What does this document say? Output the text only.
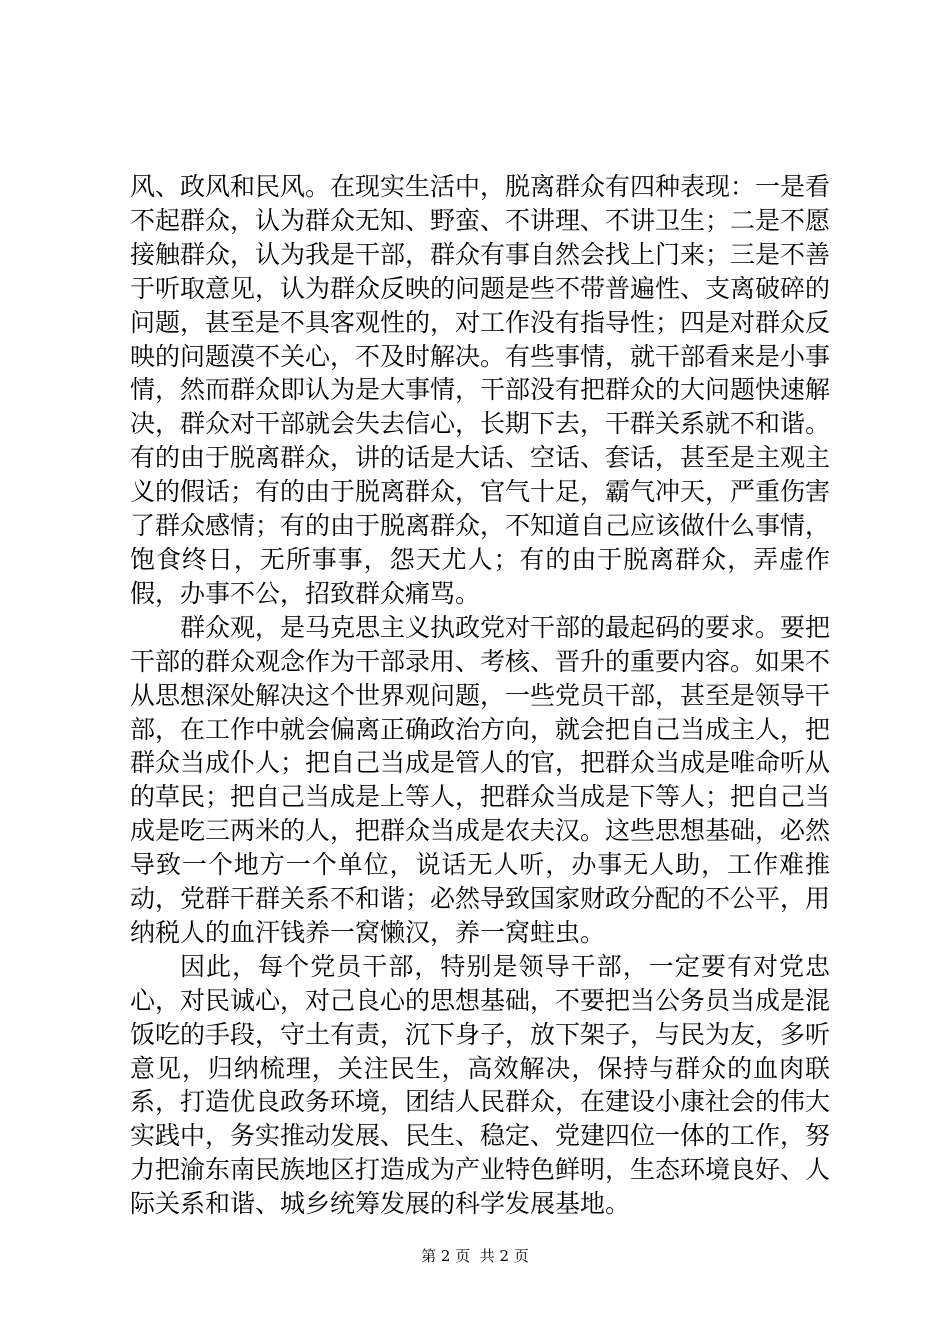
风、政风和民风。在现实生活中，脱离群众有四种表现：一是看不起群众，认为群众无知、野蛮、不讲理、不讲卫生；二是不愿接触群众，认为我是干部，群众有事自然会找上门来；三是不善于听取意见，认为群众反映的问题是些不带普遍性、支离破碎的问题，甚至是不具客观性的，对工作没有指导性；四是对群众反映的问题漠不关心，不及时解决。有些事情，就干部看来是小事情，然而群众即认为是大事情，干部没有把群众的大问题快速解决，群众对干部就会失去信心，长期下去，干群关系就不和谐。有的由于脱离群众，讲的话是大话、空话、套话，甚至是主观主义的假话；有的由于脱离群众，官气十足，霸气冲天，严重伤害了群众感情；有的由于脱离群众，不知道自己应该做什么事情，饱食终日，无所事事，怨天尤人；有的由于脱离群众，弄虚作假，办事不公，招致群众痛骂。

群众观，是马克思主义执政党对干部的最起码的要求。要把干部的群众观念作为干部录用、考核、晋升的重要内容。如果不从思想深处解决这个世界观问题，一些党员干部，甚至是领导干部，在工作中就会偏离正确政治方向，就会把自己当成主人，把群众当成仆人；把自己当成是管人的官，把群众当成是唯命听从的草民；把自己当成是上等人，把群众当成是下等人；把自己当成是吃三两米的人，把群众当成是农夫汉。这些思想基础，必然导致一个地方一个单位，说话无人听，办事无人助，工作难推动，党群干群关系不和谐；必然导致国家财政分配的不公平，用纳税人的血汗钱养一窝懒汉，养一窝蛀虫。

因此，每个党员干部，特别是领导干部，一定要有对党忠心，对民诚心，对己良心的思想基础，不要把当公务员当成是混饭吃的手段，守土有责，沉下身子，放下架子，与民为友，多听意见，归纳梳理，关注民生，高效解决，保持与群众的血肉联系，打造优良政务环境，团结人民群众，在建设小康社会的伟大实践中，务实推动发展、民生、稳定、党建四位一体的工作，努力把渝东南民族地区打造成为产业特色鲜明，生态环境良好、人际关系和谐、城乡统筹发展的科学发展基地。

第 2 页  共 2 页
